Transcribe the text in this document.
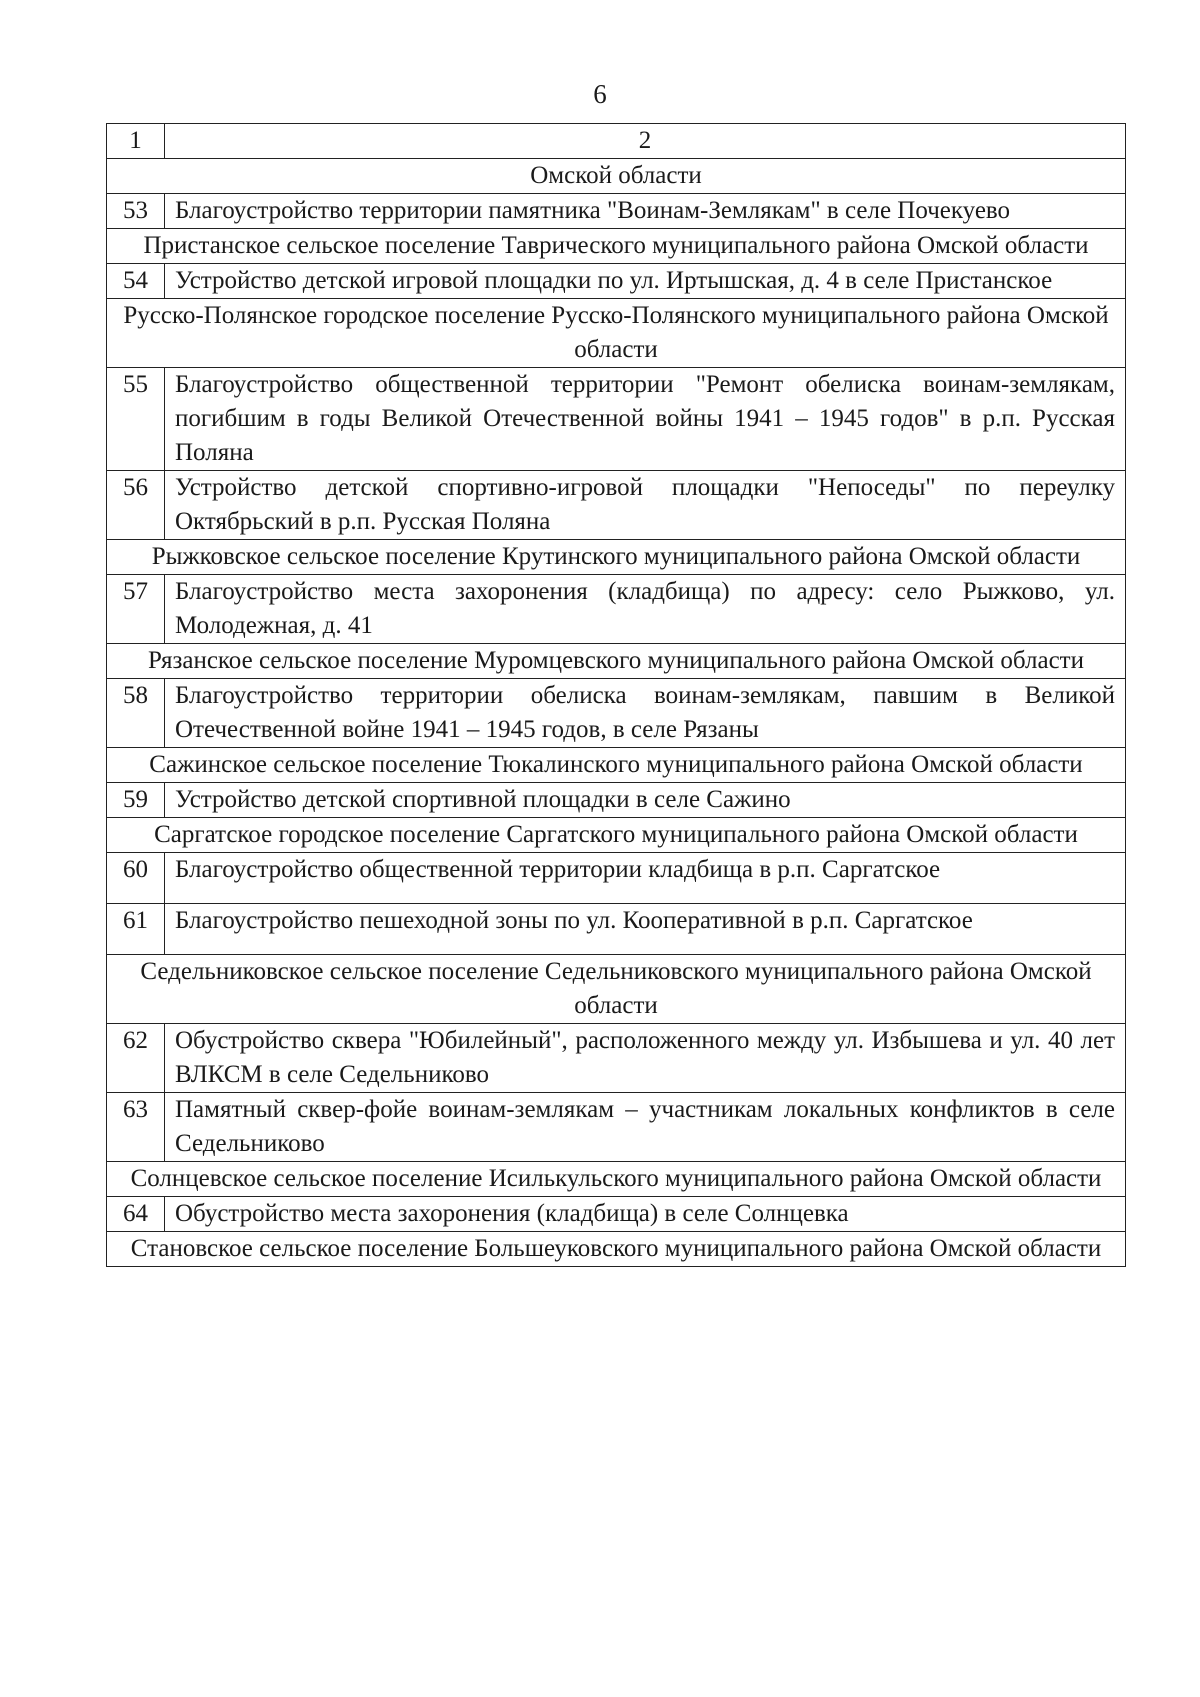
6
1	2
Омской области	
53	Благоустройство территории памятника "Воинам-Землякам" в селе Почекуево
Пристанское сельское поселение Таврического муниципального района Омской области	
54	Устройство детской игровой площадки по ул. Иртышская, д. 4 в селе Пристанское
Русско-Полянское городское поселение Русско-Полянского муниципального района Омской области	
55	Благоустройство общественной территории "Ремонт обелиска воинам-землякам, погибшим в годы Великой Отечественной войны 1941 – 1945 годов" в р.п. Русская Поляна
56	Устройство детской спортивно-игровой площадки "Непоседы" по переулку Октябрьский в р.п. Русская Поляна
Рыжковское сельское поселение Крутинского муниципального района Омской области	
57	Благоустройство места захоронения (кладбища) по адресу: село Рыжково, ул. Молодежная, д. 41
Рязанское сельское поселение Муромцевского муниципального района Омской области	
58	Благоустройство территории обелиска воинам-землякам, павшим в Великой Отечественной войне 1941 – 1945 годов, в селе Рязаны
Сажинское сельское поселение Тюкалинского муниципального района Омской области	
59	Устройство детской спортивной площадки в селе Сажино
Саргатское городское поселение Саргатского муниципального района Омской области	
60	Благоустройство общественной территории кладбища в р.п. Саргатское
61	Благоустройство пешеходной зоны по ул. Кооперативной в р.п. Саргатское
Седельниковское сельское поселение Седельниковского муниципального района Омской области	
62	Обустройство сквера "Юбилейный", расположенного между ул. Избышева и ул. 40 лет ВЛКСМ в селе Седельниково
63	Памятный сквер-фойе воинам-землякам – участникам локальных конфликтов в селе Седельниково
Солнцевское сельское поселение Исилькульского муниципального района Омской области	
64	Обустройство места захоронения (кладбища) в селе Солнцевка
Становское сельское поселение Большеуковского муниципального района Омской области	
